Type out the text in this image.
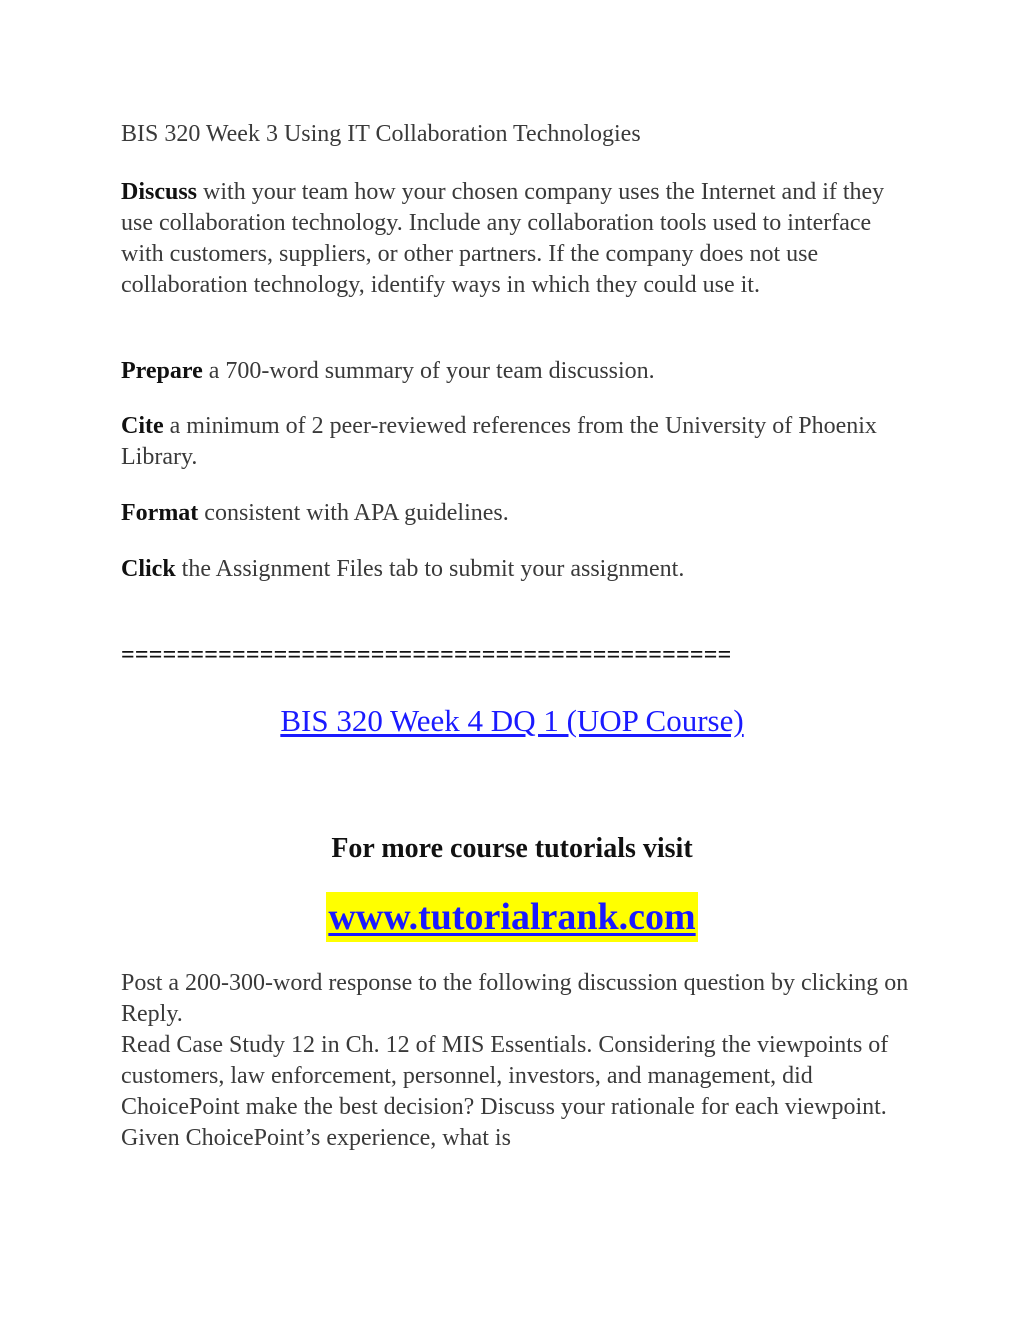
BIS 320 Week 3 Using IT Collaboration Technologies

Discuss with your team how your chosen company uses the Internet and if they use collaboration technology. Include any collaboration tools used to interface with customers, suppliers, or other partners. If the company does not use collaboration technology, identify ways in which they could use it.

Prepare a 700-word summary of your team discussion.

Cite a minimum of 2 peer-reviewed references from the University of Phoenix Library.

Format consistent with APA guidelines.

Click the Assignment Files tab to submit your assignment.

============================================
BIS 320 Week 4 DQ 1 (UOP Course)
For more course tutorials visit
www.tutorialrank.com

Post a 200-300-word response to the following discussion question by clicking on Reply.

Read Case Study 12 in Ch. 12 of MIS Essentials. Considering the viewpoints of customers, law enforcement, personnel, investors, and management, did ChoicePoint make the best decision? Discuss your rationale for each viewpoint. Given ChoicePoint’s experience, what is
